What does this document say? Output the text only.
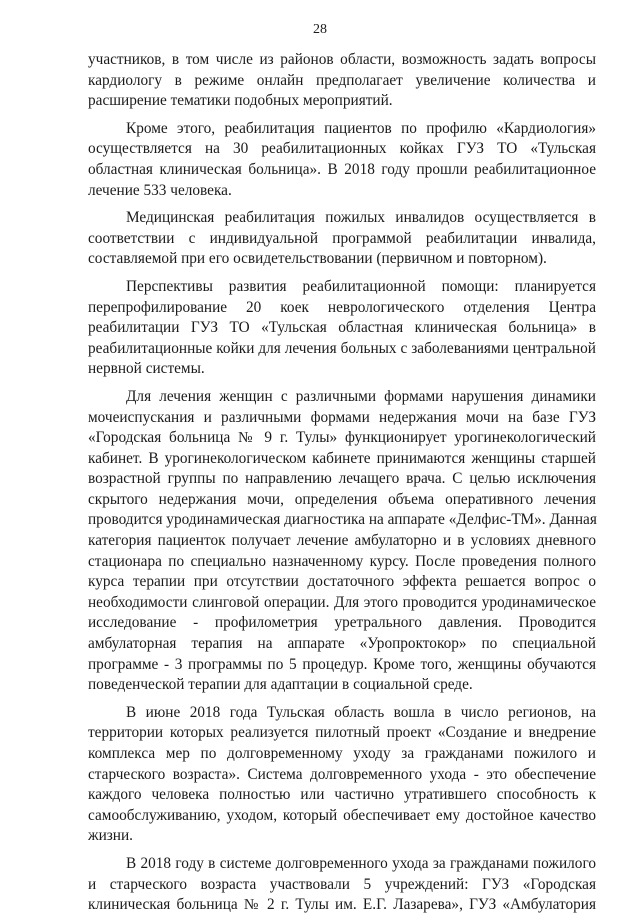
28

участников, в том числе из районов области, возможность задать вопросы
кардиологу в режиме онлайн предполагает увеличение количества и
расширение тематики подобных мероприятий.

Кроме этого, реабилитация пациентов по профилю «Кардиология»
осуществляется на 30 реабилитационных койках ГУЗ ТО «Тульская
областная клиническая больница». В 2018 году прошли реабилитационное
лечение 533 человека.

Медицинская реабилитация пожилых инвалидов осуществляется в
соответствии с индивидуальной программой реабилитации инвалида,
составляемой при его освидетельствовании (первичном и повторном).

Перспективы развития реабилитационной помощи: планируется
перепрофилирование 20 коек неврологического отделения Центра
реабилитации ГУЗ ТО «Тульская областная клиническая больница» в
реабилитационные койки для лечения больных с заболеваниями центральной
нервной системы.

Для лечения женщин с различными формами нарушения динамики
мочеиспускания и различными формами недержания мочи на базе ГУЗ
«Городская больница № 9 г. Тулы» функционирует урогинекологический
кабинет. В урогинекологическом кабинете принимаются женщины старшей
возрастной группы по направлению лечащего врача. С целью исключения
скрытого недержания мочи, определения объема оперативного лечения
проводится уродинамическая диагностика на аппарате «Делфис-ТМ». Данная
категория пациенток получает лечение амбулаторно и в условиях дневного
стационара по специально назначенному курсу. После проведения полного
курса терапии при отсутствии достаточного эффекта решается вопрос о
необходимости слинговой операции. Для этого проводится уродинамическое
исследование - профилометрия уретрального давления. Проводится
амбулаторная терапия на аппарате «Уропроктокор» по специальной
программе - 3 программы по 5 процедур. Кроме того, женщины обучаются
поведенческой терапии для адаптации в социальной среде.

В июне 2018 года Тульская область вошла в число регионов, на
территории которых реализуется пилотный проект «Создание и внедрение
комплекса мер по долговременному уходу за гражданами пожилого и
старческого возраста». Система долговременного ухода - это обеспечение
каждого человека полностью или частично утратившего способность к
самообслуживанию, уходом, который обеспечивает ему достойное качество
жизни.

В 2018 году в системе долговременного ухода за гражданами пожилого
и старческого возраста участвовали 5 учреждений: ГУЗ «Городская
клиническая больница № 2 г. Тулы им. Е.Г. Лазарева», ГУЗ «Амбулатория
